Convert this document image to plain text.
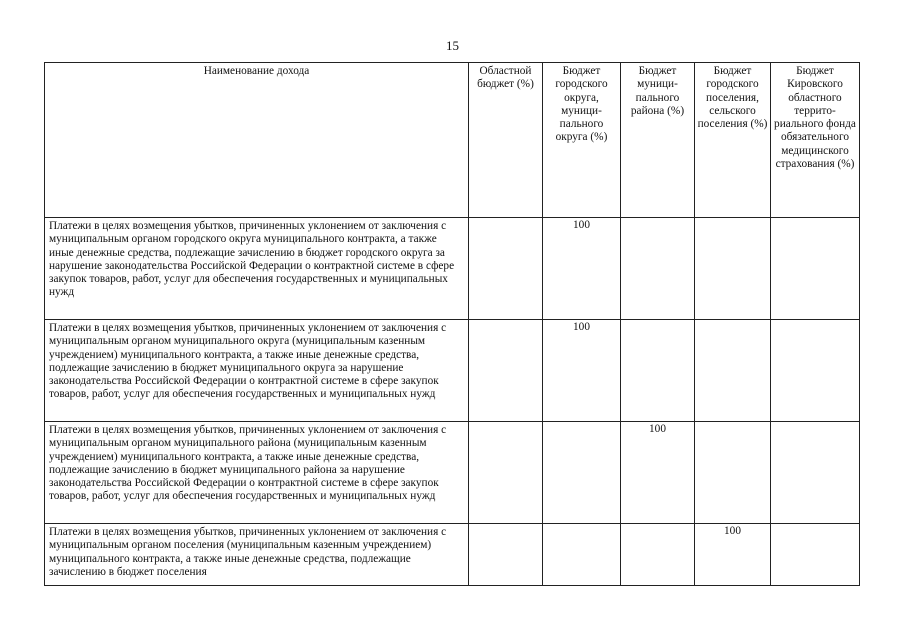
15
Наименование дохода	Областной бюджет (%)	Бюджет городского округа, муници-пального округа (%)	Бюджет муници-пального района (%)	Бюджет городского поселения, сельского поселения (%)	Бюджет Кировского областного террито-риального фонда обязательного медицинского страхования (%)

Платежи в целях возмещения убытков, причиненных уклонением от заключения с муниципальным органом городского округа муниципального контракта, а также иные денежные средства, подлежащие зачислению в бюджет городского округа за нарушение законодательства Российской Федерации о контрактной системе в сфере закупок товаров, работ, услуг для обеспечения государственных и муниципальных нужд		100			

Платежи в целях возмещения убытков, причиненных уклонением от заключения с муниципальным органом муниципального округа (муниципальным казенным учреждением) муниципального контракта, а также иные денежные средства, подлежащие зачислению в бюджет муниципального округа за нарушение законодательства Российской Федерации о контрактной системе в сфере закупок товаров, работ, услуг для обеспечения государственных и муниципальных нужд		100			

Платежи в целях возмещения убытков, причиненных уклонением от заключения с муниципальным органом муниципального района (муниципальным казенным учреждением) муниципального контракта, а также иные денежные средства, подлежащие зачислению в бюджет муниципального района за нарушение законодательства Российской Федерации о контрактной системе в сфере закупок товаров, работ, услуг для обеспечения государственных и муниципальных нужд			100		

Платежи в целях возмещения убытков, причиненных уклонением от заключения с муниципальным органом поселения (муниципальным казенным учреждением) муниципального контракта, а также иные денежные средства, подлежащие зачислению в бюджет поселения				100	
